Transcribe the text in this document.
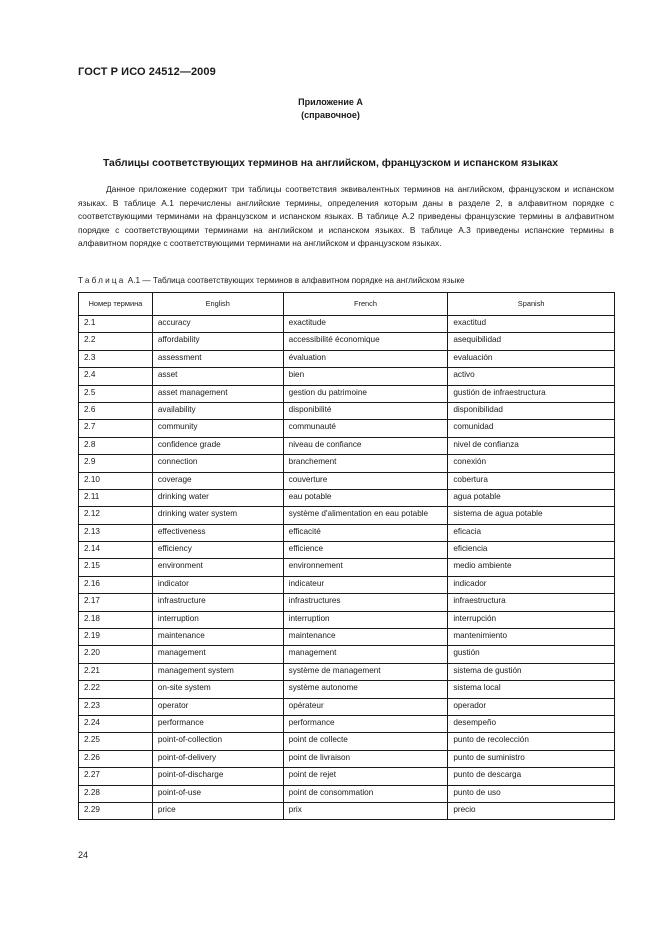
ГОСТ Р ИСО 24512—2009
Приложение А
(справочное)
Таблицы соответствующих терминов на английском, французском и испанском языках

Данное приложение содержит три таблицы соответствия эквивалентных терминов на английском, французском и испанском языках. В таблице А.1 перечислены английские термины, определения которым даны в разделе 2, в алфавитном порядке с соответствующими терминами на французском и испанском языках. В таблице А.2 приведены французские термины в алфавитном порядке с соответствующими терминами на английском и испанском языках. В таблице А.3 приведены испанские термины в алфавитном порядке с соответствующими терминами на английском и французском языках.

Таблица А.1 — Таблица соответствующих терминов в алфавитном порядке на английском языке
Номер термина	English	French	Spanish
2.1	accuracy	exactitude	exactitud
2.2	affordability	accessibilité économique	asequibilidad
2.3	assessment	évaluation	evaluación
2.4	asset	bien	activo
2.5	asset management	gestion du patrimoine	gustión de infraestructura
2.6	availability	disponibilité	disponibilidad
2.7	community	communauté	comunidad
2.8	confidence grade	niveau de confiance	nivel de confianza
2.9	connection	branchement	conexión
2.10	coverage	couverture	cobertura
2.11	drinking water	eau potable	agua potable
2.12	drinking water system	système d'alimentation en eau potable	sistema de agua potable
2.13	effectiveness	efficacité	eficacia
2.14	efficiency	efficience	eficiencia
2.15	environment	environnement	medio ambiente
2.16	indicator	indicateur	indicador
2.17	infrastructure	infrastructures	infraestructura
2.18	interruption	interruption	interrupción
2.19	maintenance	maintenance	mantenimiento
2.20	management	management	gustión
2.21	management system	système de management	sistema de gustión
2.22	on-site system	système autonome	sistema local
2.23	operator	opérateur	operador
2.24	performance	performance	desempeño
2.25	point-of-collection	point de collecte	punto de recolección
2.26	point-of-delivery	point de livraison	punto de suministro
2.27	point-of-discharge	point de rejet	punto de descarga
2.28	point-of-use	point de consommation	punto de uso
2.29	price	prix	precio
24
